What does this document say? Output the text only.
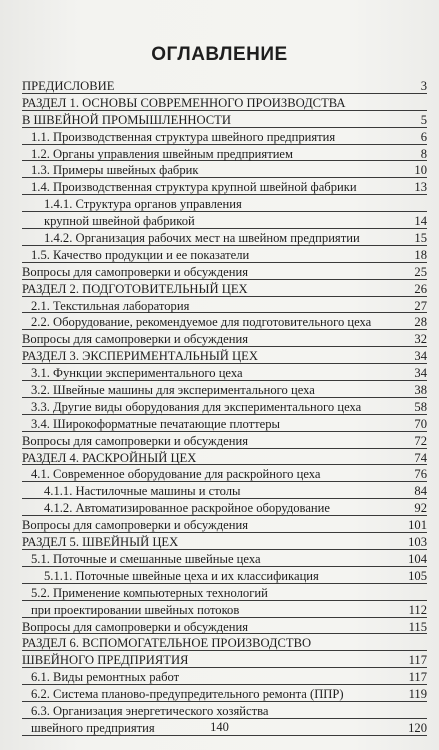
ОГЛАВЛЕНИЕ
ПРЕДИСЛОВИЕ	3
РАЗДЕЛ 1. ОСНОВЫ СОВРЕМЕННОГО ПРОИЗВОДСТВА
В ШВЕЙНОЙ ПРОМЫШЛЕННОСТИ	5
1.1. Производственная структура швейного предприятия	6
1.2. Органы управления швейным предприятием	8
1.3. Примеры швейных фабрик	10
1.4. Производственная структура крупной швейной фабрики	13
1.4.1. Структура органов управления
крупной швейной фабрикой	14
1.4.2. Организация рабочих мест на швейном предприятии	15
1.5. Качество продукции и ее показатели	18
Вопросы для самопроверки и обсуждения	25
РАЗДЕЛ 2. ПОДГОТОВИТЕЛЬНЫЙ ЦЕХ	26
2.1. Текстильная лаборатория	27
2.2. Оборудование, рекомендуемое для подготовительного цеха	28
Вопросы для самопроверки и обсуждения	32
РАЗДЕЛ 3. ЭКСПЕРИМЕНТАЛЬНЫЙ ЦЕХ	34
3.1. Функции экспериментального цеха	34
3.2. Швейные машины для экспериментального цеха	38
3.3. Другие виды оборудования для экспериментального цеха	58
3.4. Широкоформатные печатающие плоттеры	70
Вопросы для самопроверки и обсуждения	72
РАЗДЕЛ 4. РАСКРОЙНЫЙ ЦЕХ	74
4.1. Современное оборудование для раскройного цеха	76
4.1.1. Настилочные машины и столы	84
4.1.2. Автоматизированное раскройное оборудование	92
Вопросы для самопроверки и обсуждения	101
РАЗДЕЛ 5. ШВЕЙНЫЙ ЦЕХ	103
5.1. Поточные и смешанные швейные цеха	104
5.1.1. Поточные швейные цеха и их классификация	105
5.2. Применение компьютерных технологий
при проектировании швейных потоков	112
Вопросы для самопроверки и обсуждения	115
РАЗДЕЛ 6. ВСПОМОГАТЕЛЬНОЕ ПРОИЗВОДСТВО
ШВЕЙНОГО ПРЕДПРИЯТИЯ	117
6.1. Виды ремонтных работ	117
6.2. Система планово-предупредительного ремонта (ППР)	119
6.3. Организация энергетического хозяйства
швейного предприятия	120
140
